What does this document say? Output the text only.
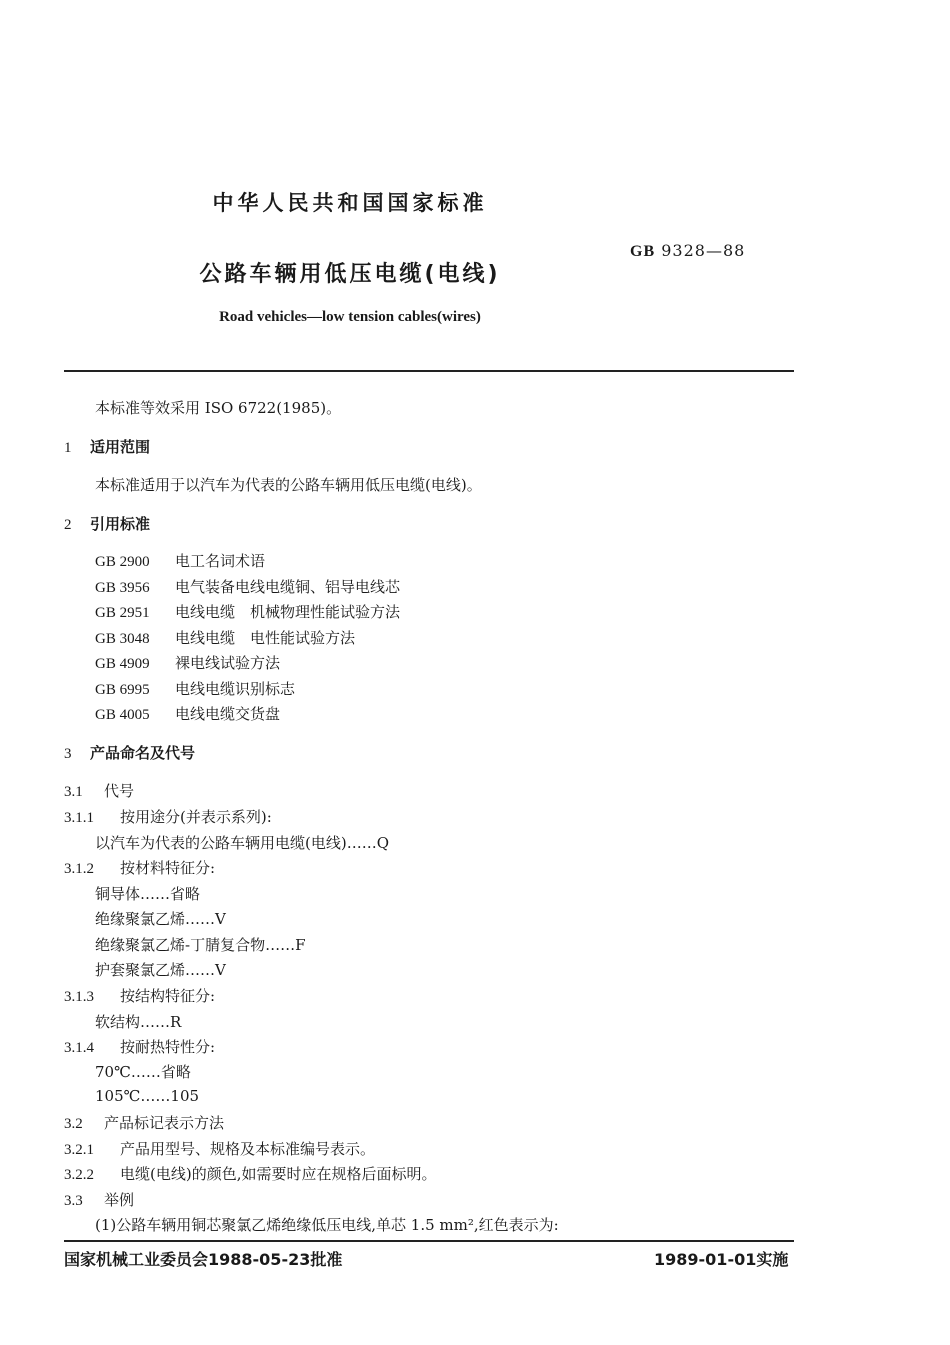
中华人民共和国国家标准
GB 9328—88
公路车辆用低压电缆(电线)
Road vehicles—low tension cables(wires)
本标准等效采用 ISO 6722(1985)。
1 适用范围
本标准适用于以汽车为代表的公路车辆用低压电缆(电线)。
2 引用标准
GB 2900 电工名词术语
GB 3956 电气装备电线电缆铜、铝导电线芯
GB 2951 电线电缆　机械物理性能试验方法
GB 3048 电线电缆　电性能试验方法
GB 4909 裸电线试验方法
GB 6995 电线电缆识别标志
GB 4005 电线电缆交货盘
3 产品命名及代号
3.1 代号
3.1.1 按用途分(并表示系列):
以汽车为代表的公路车辆用电缆(电线)……Q
3.1.2 按材料特征分:
铜导体……省略
绝缘聚氯乙烯……V
绝缘聚氯乙烯-丁腈复合物……F
护套聚氯乙烯……V
3.1.3 按结构特征分:
软结构……R
3.1.4 按耐热特性分:
70℃……省略
105℃……105
3.2 产品标记表示方法
3.2.1 产品用型号、规格及本标准编号表示。
3.2.2 电缆(电线)的颜色,如需要时应在规格后面标明。
3.3 举例
(1)公路车辆用铜芯聚氯乙烯绝缘低压电线,单芯 1.5 mm²,红色表示为:
国家机械工业委员会1988-05-23批准	1989-01-01实施
